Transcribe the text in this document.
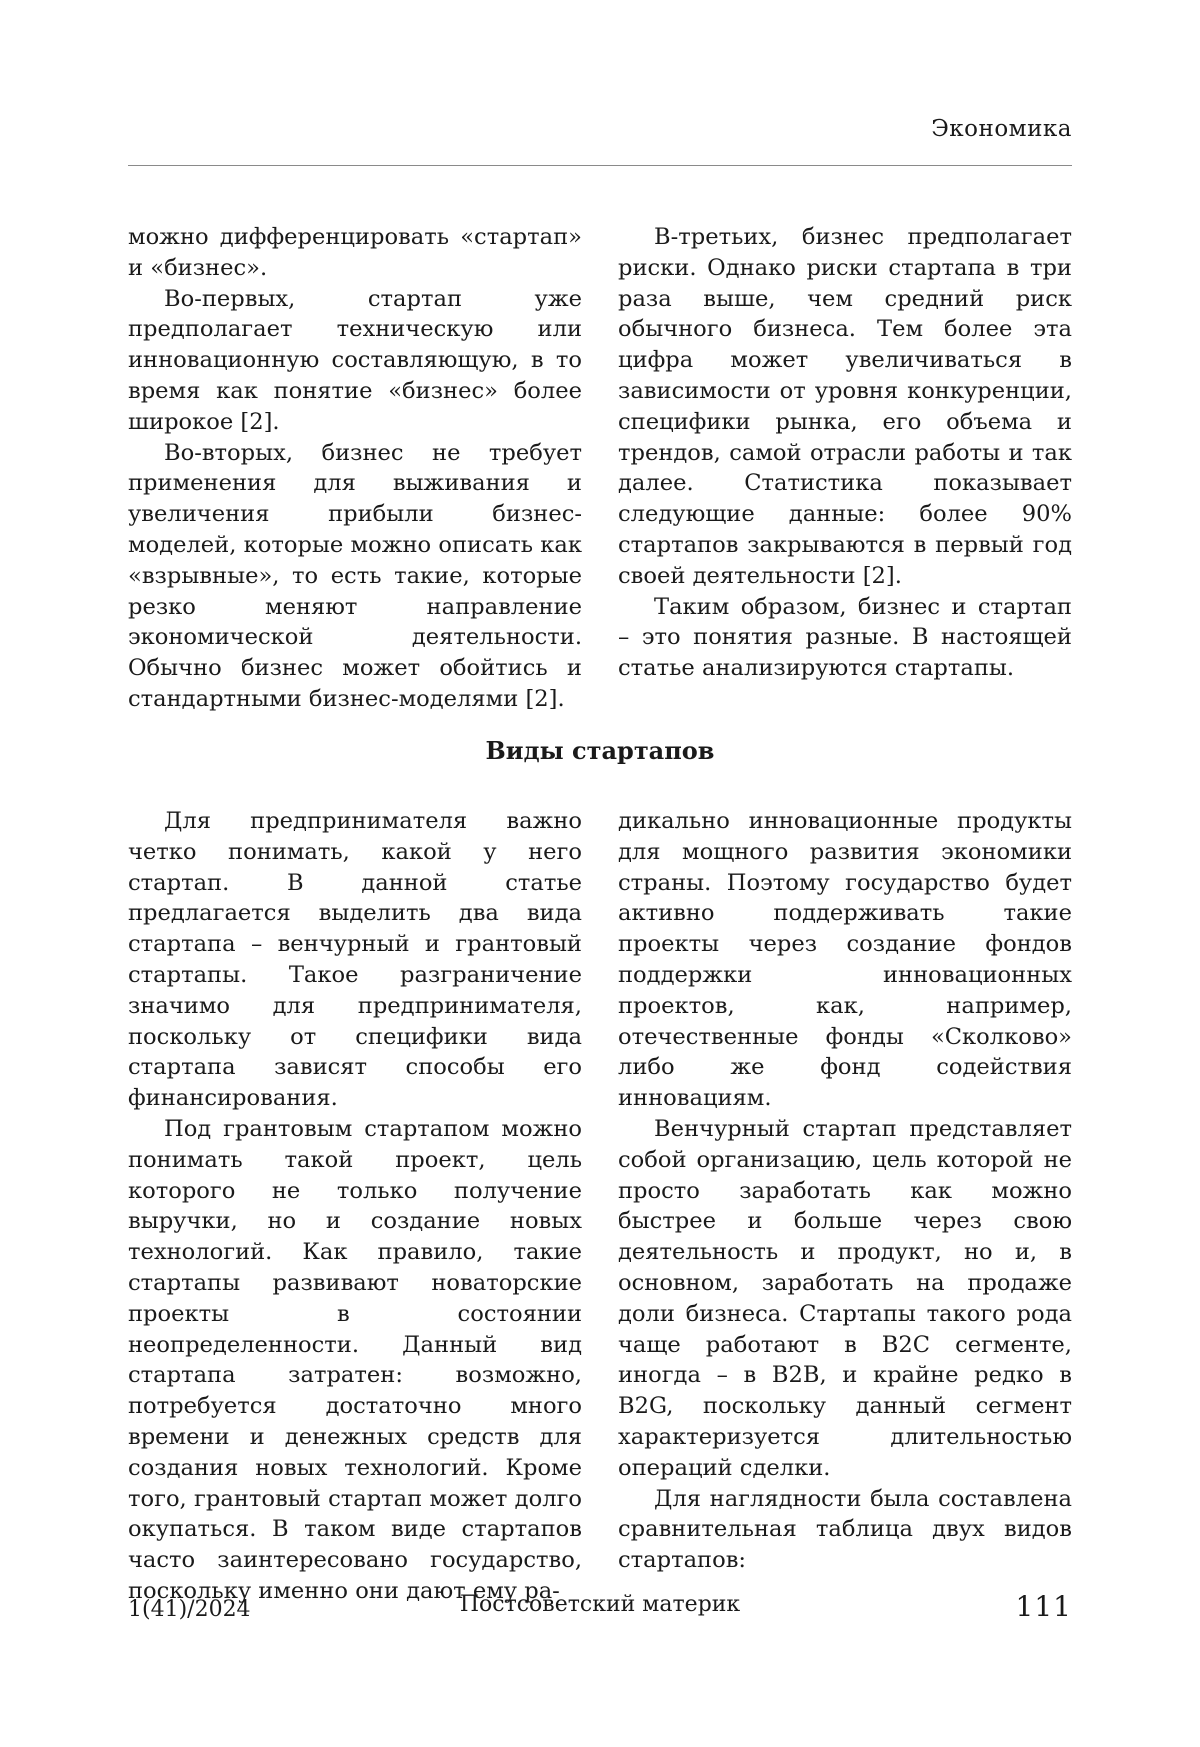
Экономика

можно дифференцировать «стартап» и «бизнес».

Во-первых, стартап уже предполагает техническую или инновационную составляющую, в то время как понятие «бизнес» более широкое [2].

Во-вторых, бизнес не требует применения для выживания и увеличения прибыли бизнес-моделей, которые можно описать как «взрывные», то есть такие, которые резко меняют направление экономической деятельности. Обычно бизнес может обойтись и стандартными бизнес-моделями [2].

В-третьих, бизнес предполагает риски. Однако риски стартапа в три раза выше, чем средний риск обычного бизнеса. Тем более эта цифра может увеличиваться в зависимости от уровня конкуренции, специфики рынка, его объема и трендов, самой отрасли работы и так далее. Статистика показывает следующие данные: более 90% стартапов закрываются в первый год своей деятельности [2].

Таким образом, бизнес и стартап – это понятия разные. В настоящей статье анализируются стартапы.

Виды стартапов

Для предпринимателя важно четко понимать, какой у него стартап. В данной статье предлагается выделить два вида стартапа – венчурный и грантовый стартапы. Такое разграничение значимо для предпринимателя, поскольку от специфики вида стартапа зависят способы его финансирования.

Под грантовым стартапом можно понимать такой проект, цель которого не только получение выручки, но и создание новых технологий. Как правило, такие стартапы развивают новаторские проекты в состоянии неопределенности. Данный вид стартапа затратен: возможно, потребуется достаточно много времени и денежных средств для создания новых технологий. Кроме того, грантовый стартап может долго окупаться. В таком виде стартапов часто заинтересовано государство, поскольку именно они дают ему ра-

дикально инновационные продукты для мощного развития экономики страны. Поэтому государство будет активно поддерживать такие проекты через создание фондов поддержки инновационных проектов, как, например, отечественные фонды «Сколково» либо же фонд содействия инновациям.

Венчурный стартап представляет собой организацию, цель которой не просто заработать как можно быстрее и больше через свою деятельность и продукт, но и, в основном, заработать на продаже доли бизнеса. Стартапы такого рода чаще работают в B2C сегменте, иногда – в B2B, и крайне редко в B2G, поскольку данный сегмент характеризуется длительностью операций сделки.

Для наглядности была составлена сравнительная таблица двух видов стартапов:

1(41)/2024	Постсоветский материк	111
